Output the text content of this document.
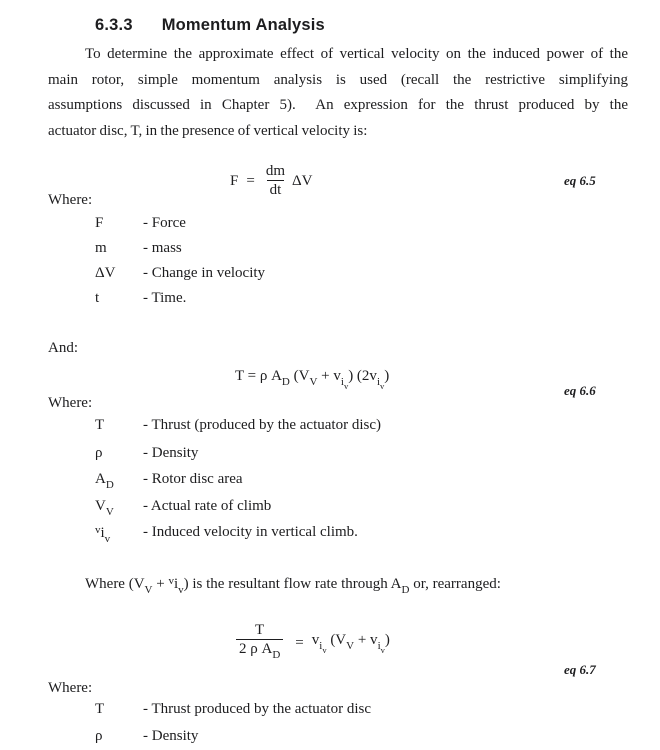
6.3.3 Momentum Analysis
To determine the approximate effect of vertical velocity on the induced power of the
main rotor, simple momentum analysis is used (recall the restrictive simplifying
assumptions discussed in Chapter 5).  An expression for the thrust produced by the
actuator disc, T, in the presence of vertical velocity is:
$F = \frac{dm}{dt}$ ΔV	eq 6.5
Where:
F	- Force
m - mass
ΔV - Change in velocity
t	- Time.
And:
T = ρ $A_D$ $(V_V + v_{i_v})$ $(2v_{i_v})$
eq 6.6
Where:
T	- Thrust (produced by the actuator disc)
ρ	- Density
$A_D$ - Rotor disc area
$V_V$ - Actual rate of climb
$^vi_v$ - Induced velocity in vertical climb.
Where $(V_V + ^vi_v)$ is the resultant flow rate through $A_D$ or, rearranged:
$\frac{T}{2 \rho A_D} = v_{i_v}$ $(V_V + v_{i_v})$
eq 6.7
Where:
T	- Thrust produced by the actuator disc
ρ	- Density
